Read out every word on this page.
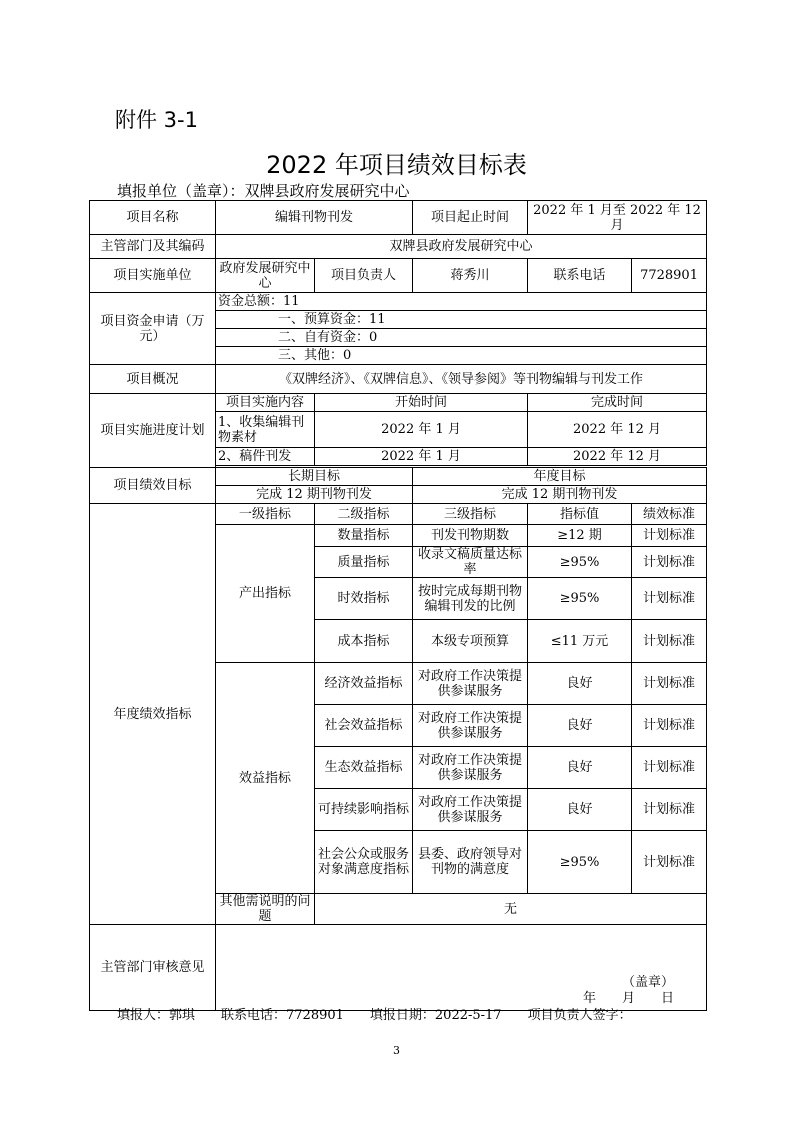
附件 3-1
2022 年项目绩效目标表
填报单位（盖章）：双牌县政府发展研究中心
项目名称	编辑刊物刊发		项目起止时间	2022 年 1 月至 2022 年 12 月	
主管部门及其编码	双牌县政府发展研究中心				
项目实施单位	政府发展研究中心	项目负责人	蒋秀川	联系电话	7728901
项目资金申请（万元）	资金总额：11				
	一、预算资金：11				
	二、自有资金：0				
	三、其他：0				
项目概况	《双牌经济》、《双牌信息》、《领导参阅》等刊物编辑与刊发工作				
项目实施进度计划	项目实施内容	开始时间		完成时间	
	1、收集编辑刊物素材	2022 年 1 月		2022 年 12 月	
	2、稿件刊发	2022 年 1 月		2022 年 12 月	

项目绩效目标	长期目标		年度目标		
	完成 12 期刊物刊发		完成 12 期刊物刊发		
年度绩效指标	一级指标	二级指标	三级指标	指标值	绩效标准
	产出指标	数量指标	刊发刊物期数	≥12 期	计划标准
		质量指标	收录文稿质量达标率	≥95%	计划标准
		时效指标	按时完成每期刊物编辑刊发的比例	≥95%	计划标准
		成本指标	本级专项预算	≤11 万元	计划标准
	效益指标	经济效益指标	对政府工作决策提供参谋服务	良好	计划标准
		社会效益指标	对政府工作决策提供参谋服务	良好	计划标准
		生态效益指标	对政府工作决策提供参谋服务	良好	计划标准
		可持续影响指标	对政府工作决策提供参谋服务	良好	计划标准
		社会公众或服务对象满意度指标	县委、政府领导对刊物的满意度	≥95%	计划标准
	其他需说明的问题	无			
主管部门审核意见	（盖章）
年　　月　　日				
填报人：郭琪　　联系电话：7728901　　填报日期：2022-5-17　　项目负责人签字：
3
